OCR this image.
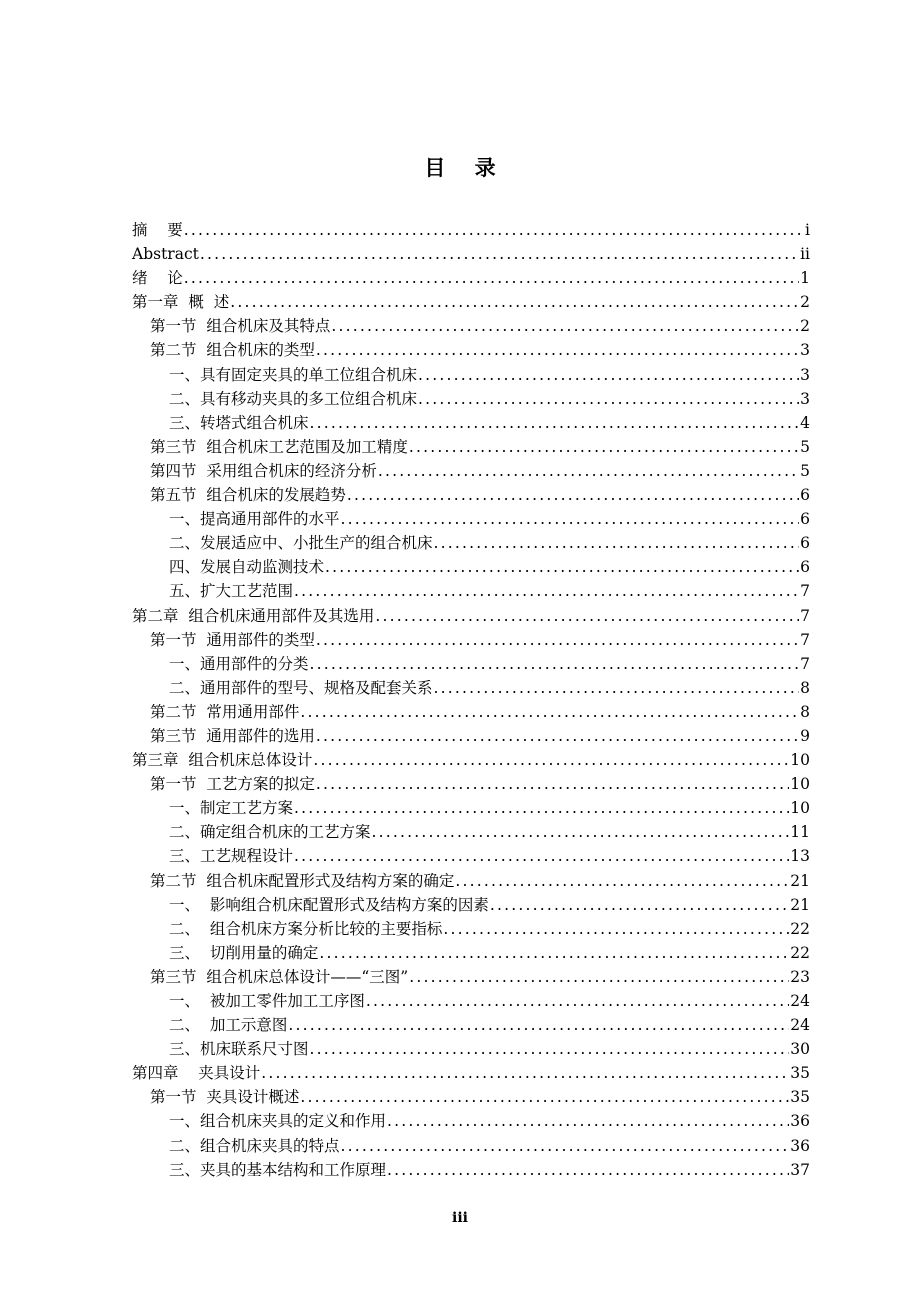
目    录
摘    要 .....	i
Abstract .....	ii
绪    论 .....	1
第一章  概  述 .....	2
第一节  组合机床及其特点 .....	2
第二节  组合机床的类型 .....	3
一、具有固定夹具的单工位组合机床 .....	3
二、具有移动夹具的多工位组合机床 .....	3
三、转塔式组合机床 .....	4
第三节  组合机床工艺范围及加工精度 .....	5
第四节  采用组合机床的经济分析 .....	5
第五节  组合机床的发展趋势 .....	6
一、提高通用部件的水平 .....	6
二、发展适应中、小批生产的组合机床 .....	6
四、发展自动监测技术 .....	6
五、扩大工艺范围 .....	7
第二章  组合机床通用部件及其选用 .....	7
第一节  通用部件的类型 .....	7
一、通用部件的分类 .....	7
二、通用部件的型号、规格及配套关系 .....	8
第二节  常用通用部件 .....	8
第三节  通用部件的选用 .....	9
第三章  组合机床总体设计 .....	10
第一节  工艺方案的拟定 .....	10
一、制定工艺方案 .....	10
二、确定组合机床的工艺方案 .....	11
三、工艺规程设计 .....	13
第二节  组合机床配置形式及结构方案的确定 .....	21
一、  影响组合机床配置形式及结构方案的因素 .....	21
二、  组合机床方案分析比较的主要指标 .....	22
三、  切削用量的确定 .....	22
第三节  组合机床总体设计——“三图” .....	23
一、  被加工零件加工工序图 .....	24
二、  加工示意图 .....	24
三、机床联系尺寸图 .....	30
第四章    夹具设计 .....	35
第一节  夹具设计概述 .....	35
一、组合机床夹具的定义和作用 .....	36
二、组合机床夹具的特点 .....	36
三、夹具的基本结构和工作原理 .....	37
iii
